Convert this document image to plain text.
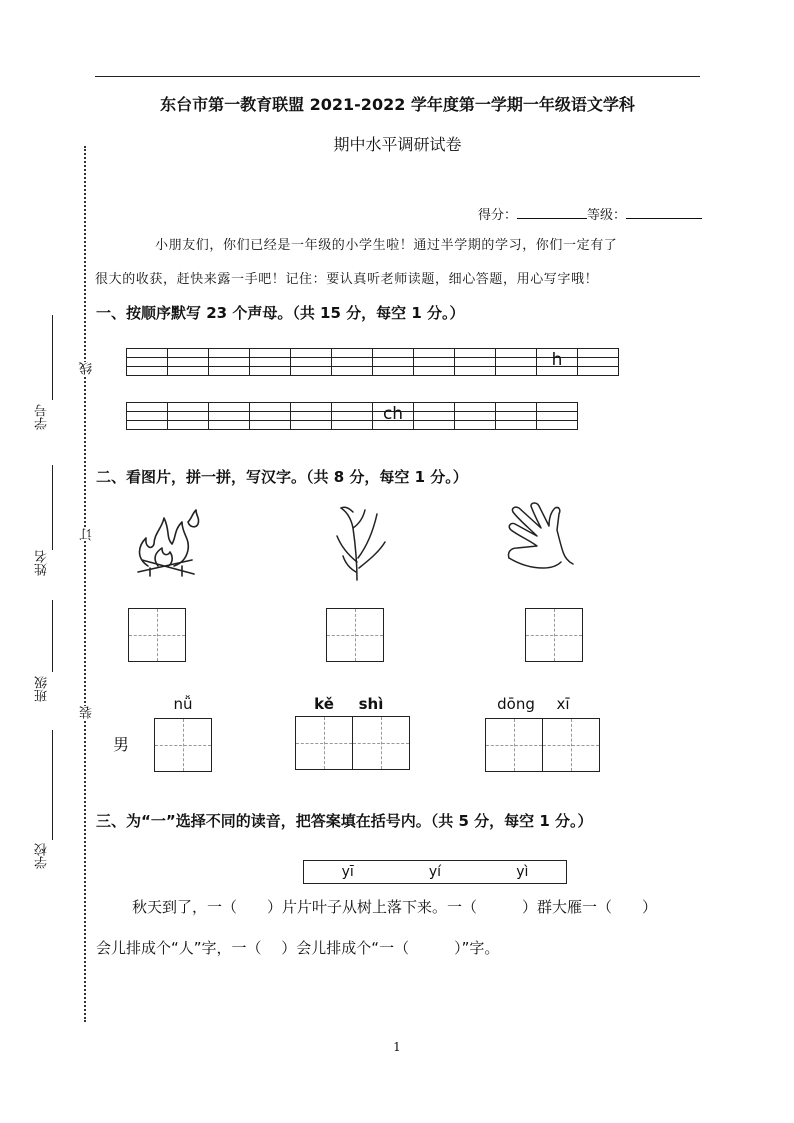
学号
姓名
班级
学校
线
订
装
东台市第一教育联盟 2021-2022 学年度第一学期一年级语文学科
期中水平调研试卷
得分：	等级：
小朋友们，你们已经是一年级的小学生啦！通过半学期的学习，你们一定有了
很大的收获，赶快来露一手吧！记住：要认真听老师读题，细心答题，用心写字哦！
一、按顺序默写 23 个声母。（共 15 分，每空 1 分。）

										h	

						ch				

二、看图片，拼一拼，写汉字。（共 8 分，每空 1 分。）
nǚ
男
kě	shì	dōng	xī
三、为“一”选择不同的读音，把答案填在括号内。（共 5 分，每空 1 分。）
yī	yí	yì
秋天到了，一（　　）片片叶子从树上落下来。一（　　　）群大雁一（　　）
会儿排成个“人”字，一（　 ）会儿排成个“一（　　　）”字。
1
